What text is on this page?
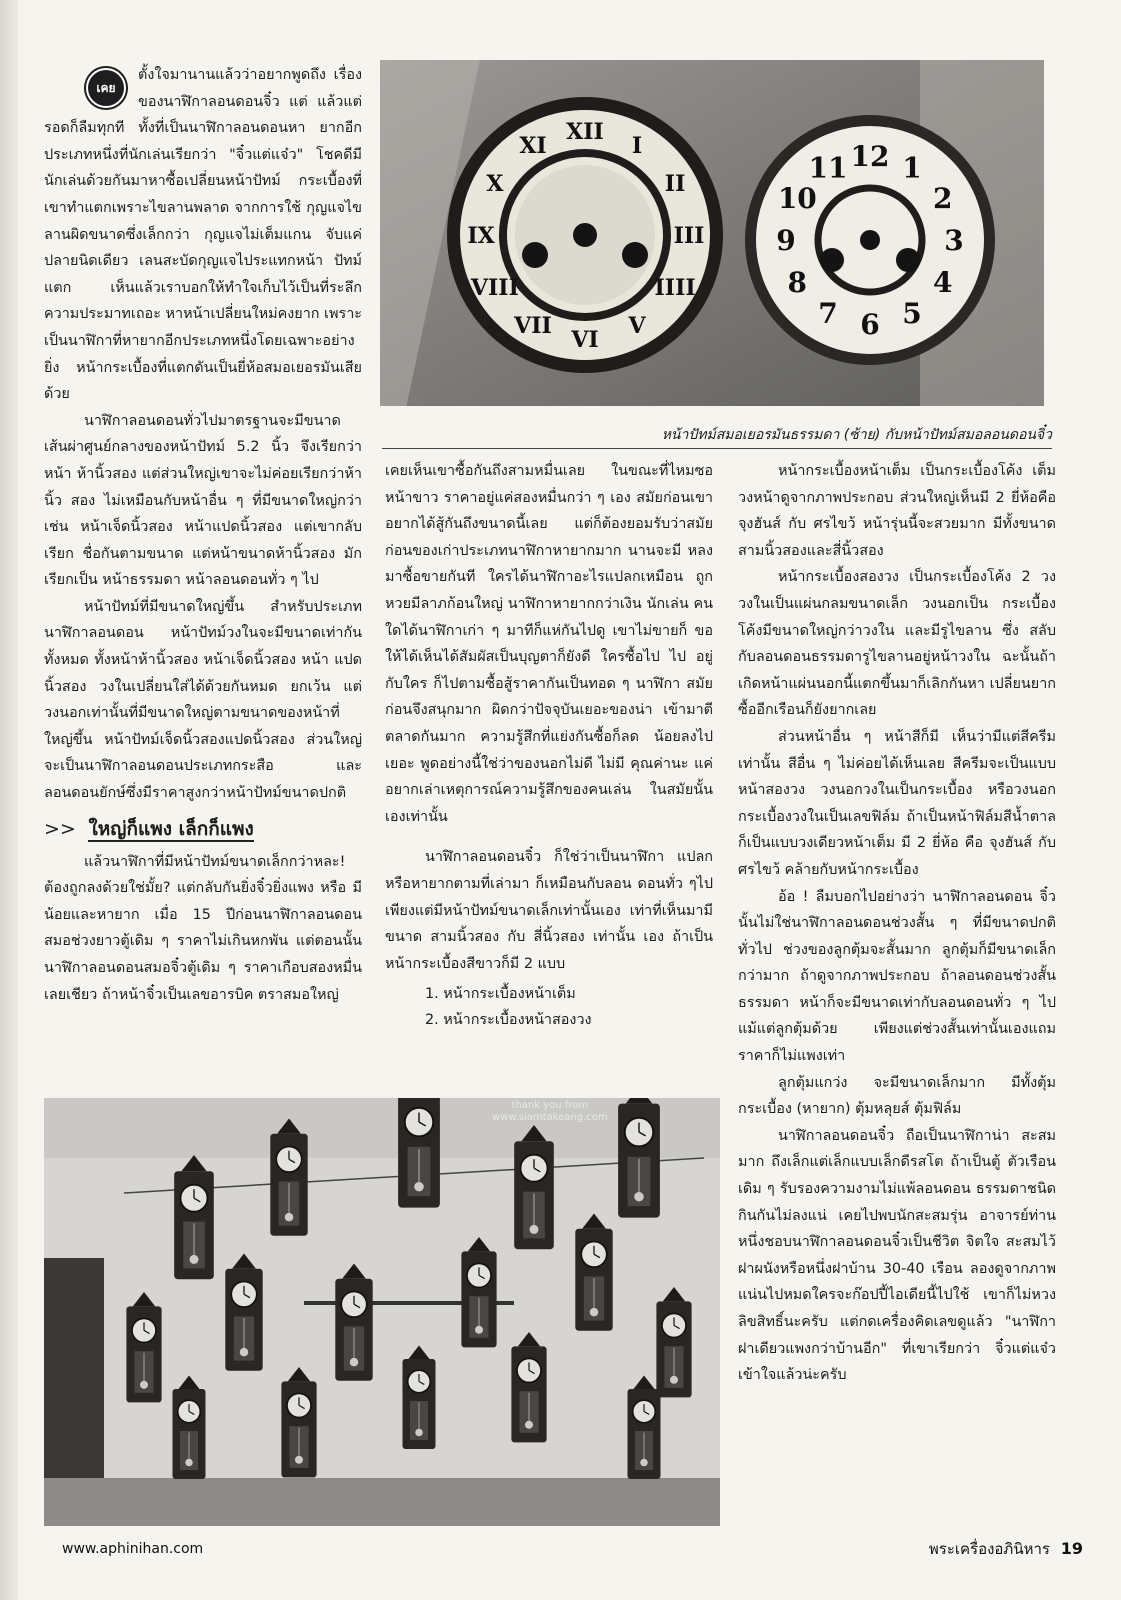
XII
I
II
III
IIII
V
VI
VII
VIII
IX
X
XI	12 1
2
3
4
5
6
7
8
9
10
11
หน้าปัทม์สมอเยอรมันธรรมดา (ซ้าย) กับหน้าปัทม์สมอลอนดอนจิ๋ว
เคย
ตั้งใจมานานแล้วว่าอยากพูดถึง เรื่องของนาฬิกาลอนดอนจิ๋ว แต่ แล้วแต่รอดก็ลืมทุกที ทั้งที่เป็นนาฬิกาลอนดอนหา ยากอีกประเภทหนึ่งที่นักเล่นเรียกว่า "จิ๋วแต่แจ๋ว" โชคดีมีนักเล่นด้วยกันมาหาซื้อเปลี่ยนหน้าปัทม์ กระเบื้องที่เขาทำแตกเพราะไขลานพลาด จากการใช้ กุญแจไขลานผิดขนาดซึ่งเล็กกว่า กุญแจไม่เต็มแกน จับแค่ปลายนิดเดียว เลนสะบัดกุญแจไประแทกหน้า ปัทม์แตก เห็นแล้วเราบอกให้ทำใจเก็บไว้เป็นที่ระลึก ความประมาทเถอะ หาหน้าเปลี่ยนใหม่คงยาก เพราะ เป็นนาฬิกาที่หายากอีกประเภทหนึ่งโดยเฉพาะอย่างยิ่ง หน้ากระเบื้องที่แตกดันเป็นยี่ห้อสมอเยอรมันเสียด้วย
นาฬิกาลอนดอนทั่วไปมาตรฐานจะมีขนาด เส้นผ่าศูนย์กลางของหน้าปัทม์ 5.2 นิ้ว จึงเรียกว่าหน้า ห้านิ้วสอง แต่ส่วนใหญ่เขาจะไม่ค่อยเรียกว่าห้านิ้ว สอง ไม่เหมือนกับหน้าอื่น ๆ ที่มีขนาดใหญ่กว่า เช่น หน้าเจ็ดนิ้วสอง หน้าแปดนิ้วสอง แต่เขากลับเรียก ชื่อกันตามขนาด แต่หน้าขนาดห้านิ้วสอง มักเรียกเป็น หน้าธรรมดา หน้าลอนดอนทั่ว ๆ ไป
หน้าปัทม์ที่มีขนาดใหญ่ขึ้น สำหรับประเภท นาฬิกาลอนดอน หน้าปัทม์วงในจะมีขนาดเท่ากัน ทั้งหมด ทั้งหน้าห้านิ้วสอง หน้าเจ็ดนิ้วสอง หน้า แปดนิ้วสอง วงในเปลี่ยนใส่ได้ด้วยกันหมด ยกเว้น แต่วงนอกเท่านั้นที่มีขนาดใหญ่ตามขนาดของหน้าที่ ใหญ่ขึ้น หน้าปัทม์เจ็ดนิ้วสองแปดนิ้วสอง ส่วนใหญ่ จะเป็นนาฬิกาลอนดอนประเภทกระสือ และ ลอนดอนยักษ์ซึ่งมีราคาสูงกว่าหน้าปัทม์ขนาดปกติ
>> ใหญ่ก็แพง เล็กก็แพง
แล้วนาฬิกาที่มีหน้าปัทม์ขนาดเล็กกว่าหละ! ต้องถูกลงด้วยใช่มั้ย? แต่กลับกันยิ่งจิ๋วยิ่งแพง หรือ มีน้อยและหายาก เมื่อ 15 ปีก่อนนาฬิกาลอนดอน สมอช่วงยาวตู้เดิม ๆ ราคาไม่เกินหกพัน แต่ตอนนั้น นาฬิกาลอนดอนสมอจิ๋วตู้เดิม ๆ ราคาเกือบสองหมื่น เลยเชียว ถ้าหน้าจิ๋วเป็นเลขอารบิค ตราสมอใหญ่
เคยเห็นเขาซื้อกันถึงสามหมื่นเลย ในขณะที่ไหมซอ หน้าขาว ราคาอยู่แค่สองหมื่นกว่า ๆ เอง สมัยก่อนเขา อยากได้สู้กันถึงขนาดนี้เลย แต่ก็ต้องยอมรับว่าสมัย ก่อนของเก่าประเภทนาฬิกาหายากมาก นานจะมี หลงมาซื้อขายกันที ใครได้นาฬิกาอะไรแปลกเหมือน ถูกหวยมีลาภก้อนใหญ่ นาฬิกาหายากกว่าเงิน นักเล่น คนใดได้นาฬิกาเก่า ๆ มาทีก็แห่กันไปดู เขาไม่ขายก็ ขอให้ได้เห็นได้สัมผัสเป็นบุญตาก็ยังดี ใครซื้อไป ไป อยู่กับใคร ก็ไปตามซื้อสู้ราคากันเป็นทอด ๆ นาฬิกา สมัยก่อนจึงสนุกมาก ผิดกว่าปัจจุบันเยอะของน่า เข้ามาตีตลาดกันมาก ความรู้สึกที่แย่งกันซื้อก็ลด น้อยลงไปเยอะ พูดอย่างนี้ใช่ว่าของนอกไม่ดี ไม่มี คุณค่านะ แค่อยากเล่าเหตุการณ์ความรู้สึกของคนเล่น ในสมัยนั้นเองเท่านั้น
นาฬิกาลอนดอนจิ๋ว ก็ใช่ว่าเป็นนาฬิกา แปลกหรือหายากตามที่เล่ามา ก็เหมือนกับลอน ดอนทั่ว ๆไป เพียงแต่มีหน้าปัทม์ขนาดเล็กเท่านั้นเอง เท่าที่เห็นมามีขนาด สามนิ้วสอง กับ สี่นิ้วสอง เท่านั้น เอง ถ้าเป็นหน้ากระเบื้องสีขาวก็มี 2 แบบ
1. หน้ากระเบื้องหน้าเต็ม
2. หน้ากระเบื้องหน้าสองวง
หน้ากระเบื้องหน้าเต็ม เป็นกระเบื้องโค้ง เต็มวงหน้าดูจากภาพประกอบ ส่วนใหญ่เห็นมี 2 ยี่ห้อคือ จุงฮันส์ กับ ศรไขว้ หน้ารุ่นนี้จะสวยมาก มีทั้งขนาดสามนิ้วสองและสี่นิ้วสอง
หน้ากระเบื้องสองวง เป็นกระเบื้องโค้ง 2 วง วงในเป็นแผ่นกลมขนาดเล็ก วงนอกเป็น กระเบื้องโค้งมีขนาดใหญ่กว่าวงใน และมีรูไขลาน ซึ่ง สลับกับลอนดอนธรรมดารูไขลานอยู่หน้าวงใน ฉะนั้นถ้าเกิดหน้าแผ่นนอกนี้แตกขึ้นมาก็เลิกกันหา เปลี่ยนยาก ซื้ออีกเรือนก็ยังยากเลย
ส่วนหน้าอื่น ๆ หน้าสีก็มี เห็นว่ามีแต่สีครีม เท่านั้น สีอื่น ๆ ไม่ค่อยได้เห็นเลย สีครีมจะเป็นแบบ หน้าสองวง วงนอกวงในเป็นกระเบื้อง หรือวงนอก กระเบื้องวงในเป็นเลขฟิล์ม ถ้าเป็นหน้าฟิล์มสีน้ำตาล ก็เป็นแบบวงเดียวหน้าเต็ม มี 2 ยี่ห้อ คือ จุงฮันส์ กับ ศรไขว้ คล้ายกับหน้ากระเบื้อง
อ้อ ! ลืมบอกไปอย่างว่า นาฬิกาลอนดอน จิ๋ว นั้นไม่ใช่นาฬิกาลอนดอนช่วงสั้น ๆ ที่มีขนาดปกติ ทั่วไป ช่วงของลูกตุ้มจะสั้นมาก ลูกตุ้มก็มีขนาดเล็ก กว่ามาก ถ้าดูจากภาพประกอบ ถ้าลอนดอนช่วงสั้น ธรรมดา หน้าก็จะมีขนาดเท่ากับลอนดอนทั่ว ๆ ไป แม้แต่ลูกตุ้มด้วย เพียงแต่ช่วงสั้นเท่านั้นเองแถม ราคาก็ไม่แพงเท่า
ลูกตุ้มแกว่ง จะมีขนาดเล็กมาก มีทั้งตุ้ม กระเบื้อง (หายาก) ตุ้มหลุยส์ ตุ้มฟิล์ม
นาฬิกาลอนดอนจิ๋ว ถือเป็นนาฬิกาน่า สะสมมาก ถึงเล็กแต่เล็กแบบเล็กดีรสโต ถ้าเป็นตู้ ตัวเรือนเดิม ๆ รับรองความงามไม่แพ้ลอนดอน ธรรมดาชนิดกินกันไม่ลงแน่ เคยไปพบนักสะสมรุ่น อาจารย์ท่านหนึ่งชอบนาฬิกาลอนดอนจิ๋วเป็นชีวิต จิตใจ สะสมไว้ฝาผนังหรือหนึ่งฝาบ้าน 30-40 เรือน ลองดูจากภาพแน่นไปหมดใครจะก๊อปปี้ไอเดียนี้ไปใช้ เขาก็ไม่หวงลิขสิทธิ์นะครับ แต่กดเครื่องคิดเลขดูแล้ว "นาฬิกาฝาเดียวแพงกว่าบ้านอีก" ที่เขาเรียกว่า จิ๋วแต่แจ๋วเข้าใจแล้วน่ะครับ
thank you from
www.siamtakeang.com
www.aphinihan.com	พระเครื่องอภินิหาร 19
